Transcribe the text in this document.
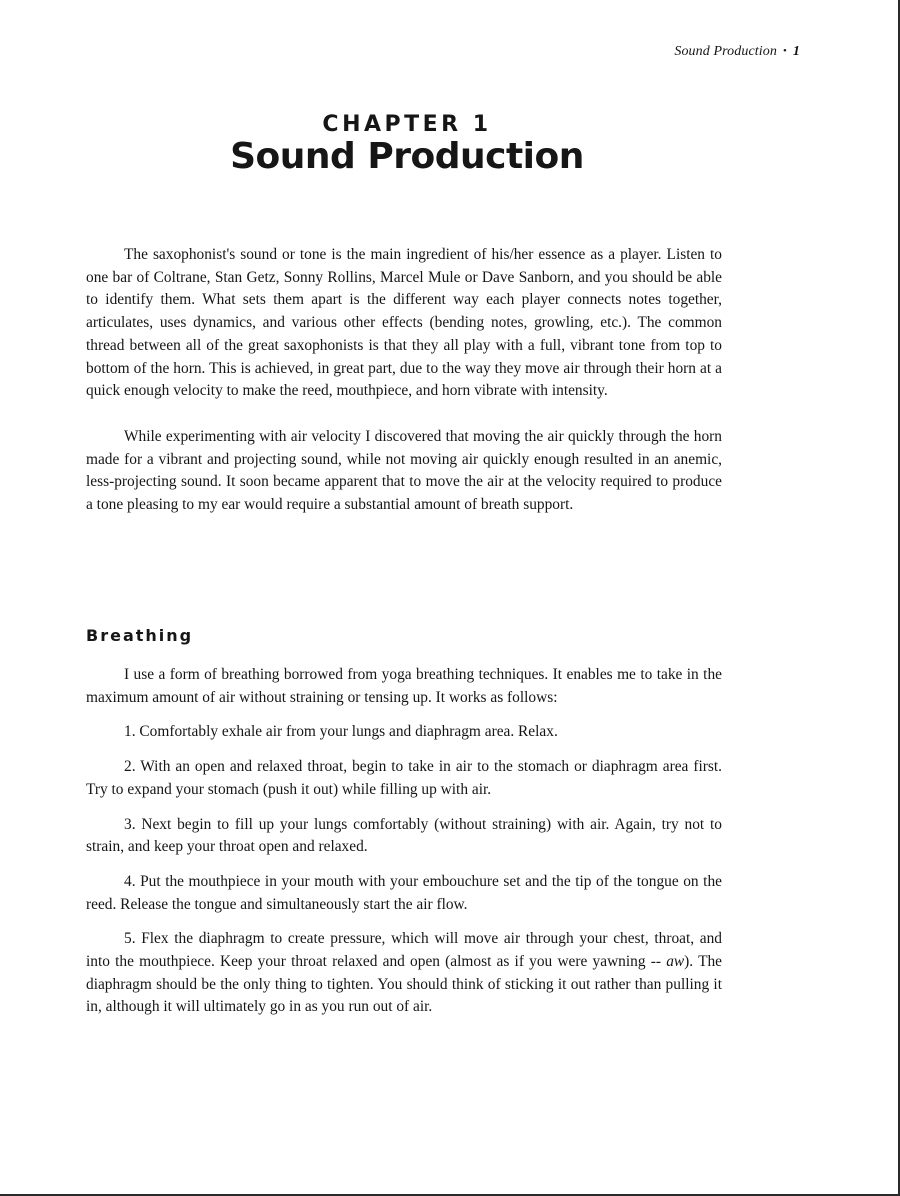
Sound Production • 1
CHAPTER 1
Sound Production

The saxophonist's sound or tone is the main ingredient of his/her essence as a player. Listen to one bar of Coltrane, Stan Getz, Sonny Rollins, Marcel Mule or Dave Sanborn, and you should be able to identify them. What sets them apart is the different way each player connects notes together, articulates, uses dynamics, and various other effects (bending notes, growling, etc.). The common thread between all of the great saxophonists is that they all play with a full, vibrant tone from top to bottom of the horn. This is achieved, in great part, due to the way they move air through their horn at a quick enough velocity to make the reed, mouthpiece, and horn vibrate with intensity.

While experimenting with air velocity I discovered that moving the air quickly through the horn made for a vibrant and projecting sound, while not moving air quickly enough resulted in an anemic, less-projecting sound. It soon became apparent that to move the air at the velocity required to produce a tone pleasing to my ear would require a substantial amount of breath support.

Breathing

I use a form of breathing borrowed from yoga breathing techniques. It enables me to take in the maximum amount of air without straining or tensing up. It works as follows:

1. Comfortably exhale air from your lungs and diaphragm area. Relax.

2. With an open and relaxed throat, begin to take in air to the stomach or diaphragm area first. Try to expand your stomach (push it out) while filling up with air.

3. Next begin to fill up your lungs comfortably (without straining) with air. Again, try not to strain, and keep your throat open and relaxed.

4. Put the mouthpiece in your mouth with your embouchure set and the tip of the tongue on the reed. Release the tongue and simultaneously start the air flow.

5. Flex the diaphragm to create pressure, which will move air through your chest, throat, and into the mouthpiece. Keep your throat relaxed and open (almost as if you were yawning -- aw). The diaphragm should be the only thing to tighten. You should think of sticking it out rather than pulling it in, although it will ultimately go in as you run out of air.
